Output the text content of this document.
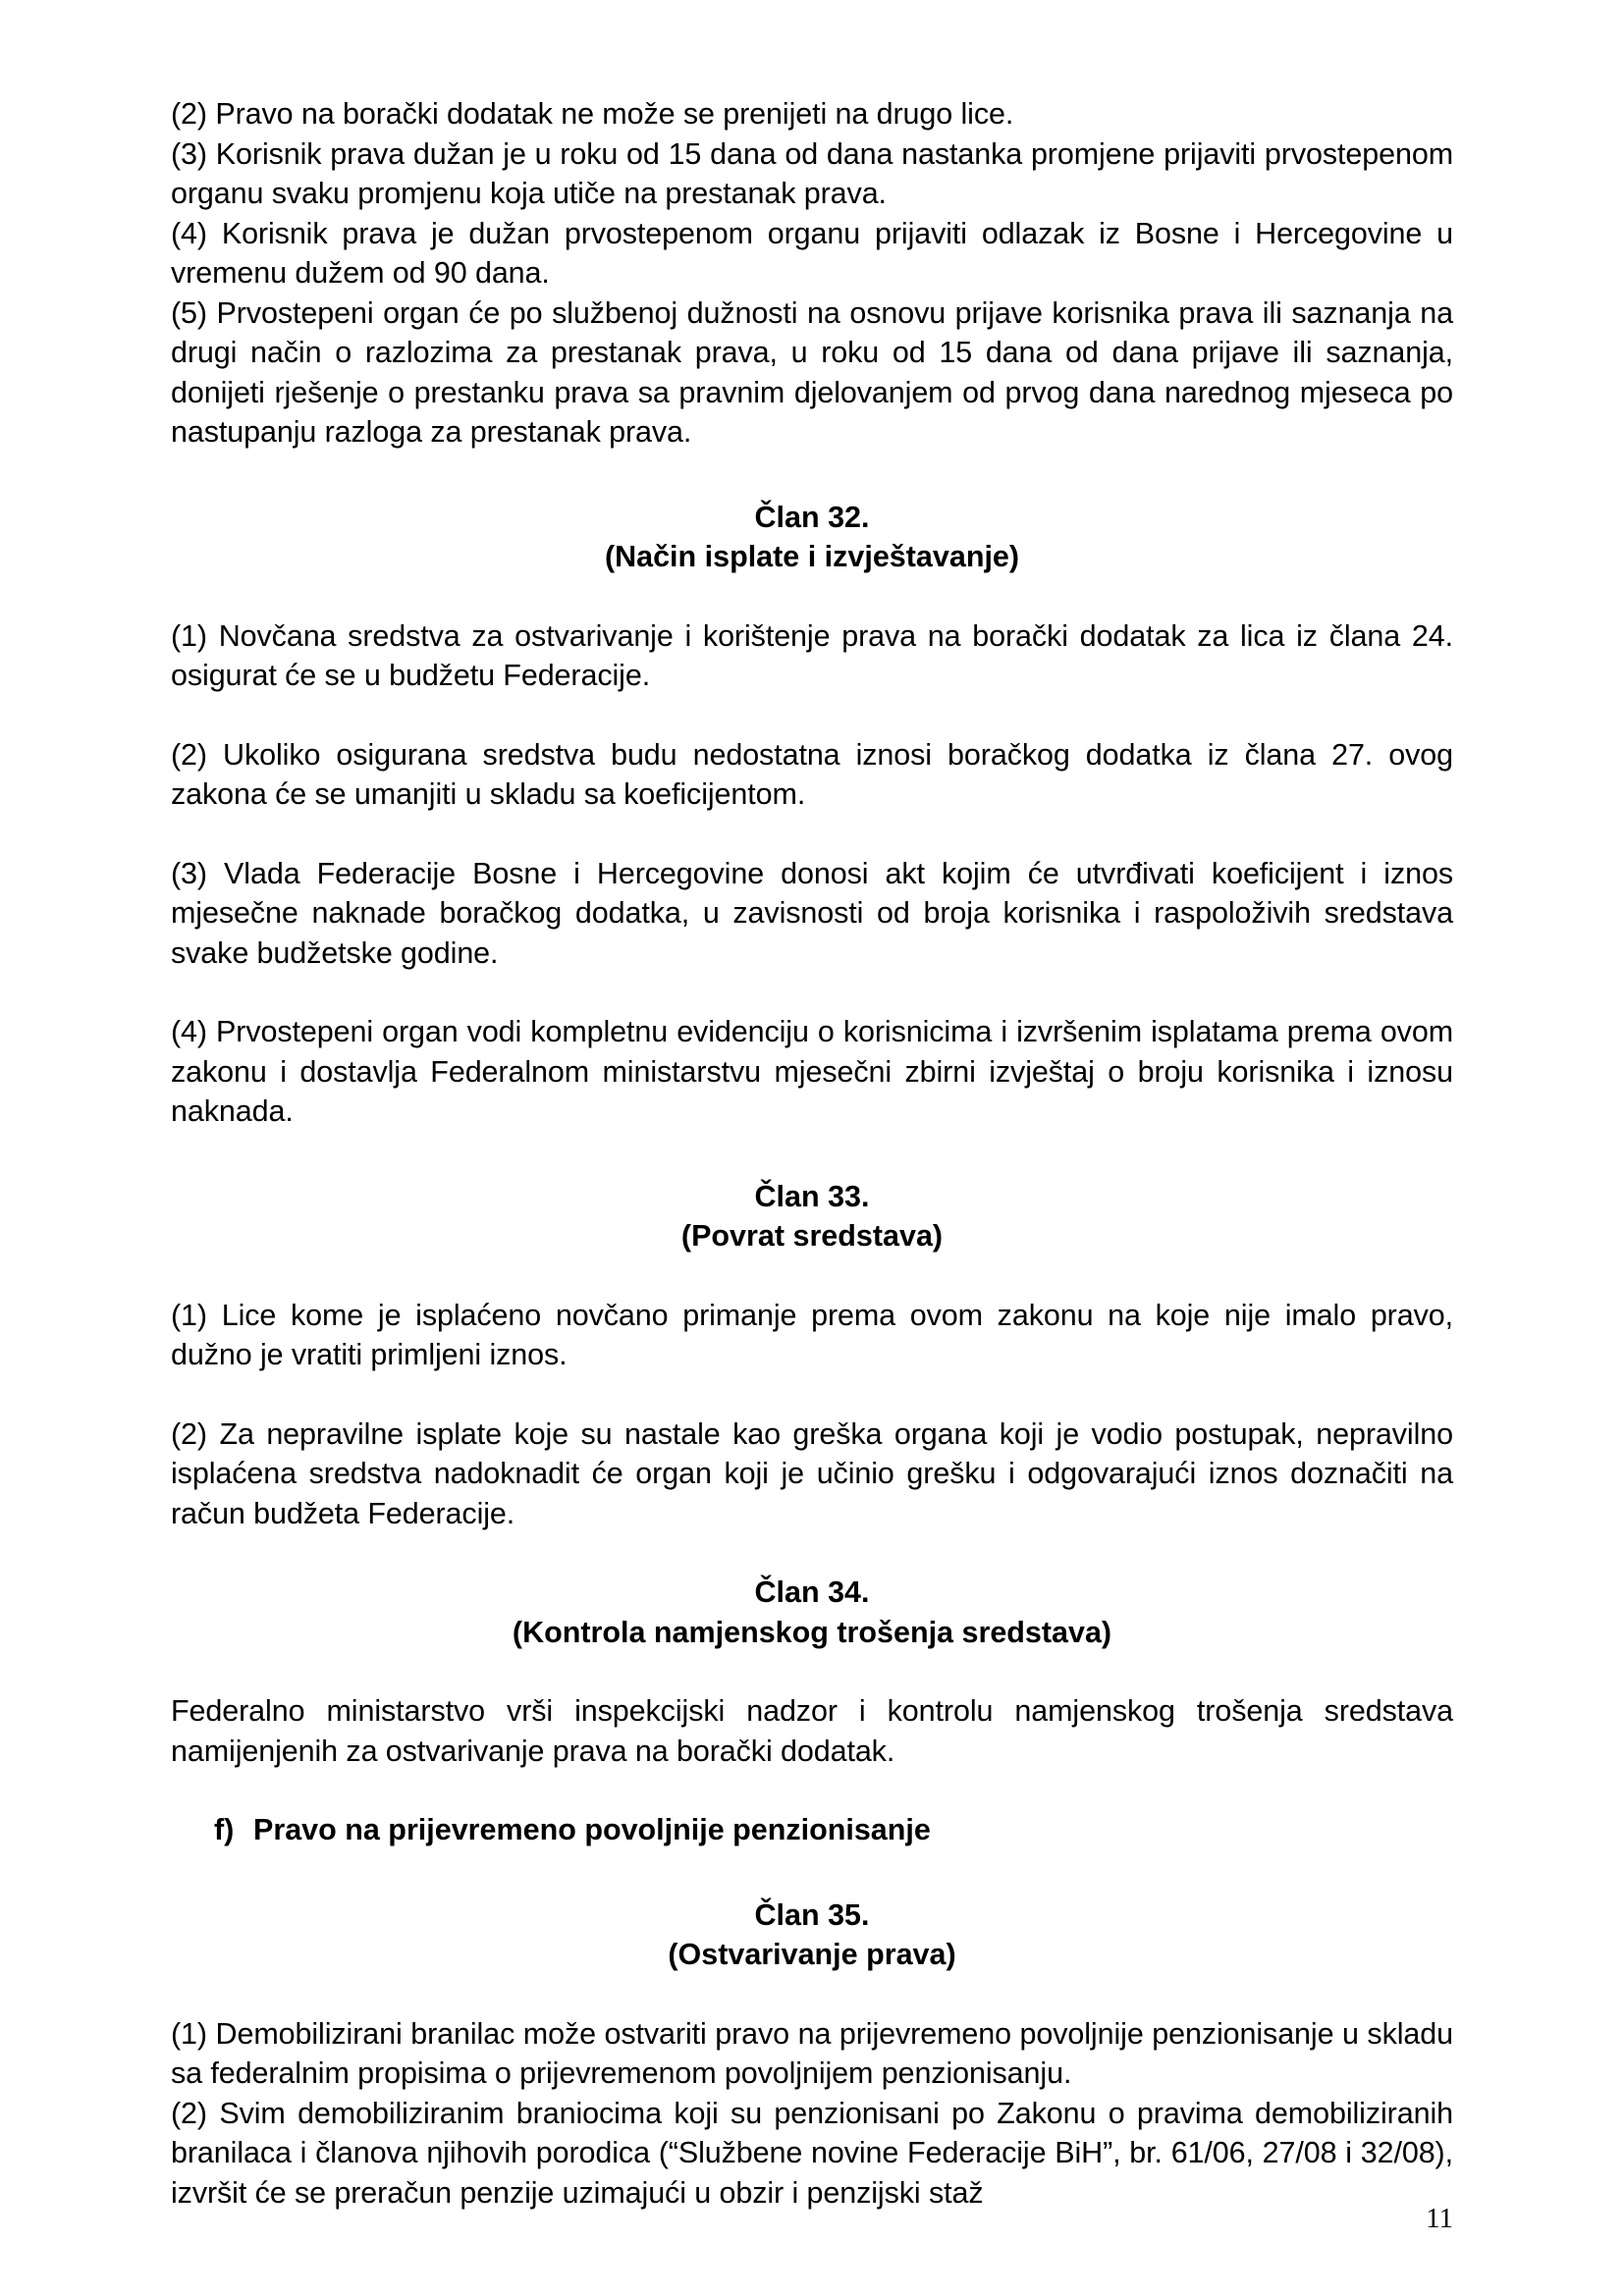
(2) Pravo na borački dodatak ne može se prenijeti na drugo lice.

(3) Korisnik prava dužan je u roku od 15 dana od dana nastanka promjene prijaviti prvostepenom organu svaku promjenu koja utiče na prestanak prava.

(4) Korisnik prava je dužan prvostepenom organu prijaviti odlazak iz Bosne i Hercegovine u vremenu dužem od 90 dana.

(5) Prvostepeni organ će po službenoj dužnosti na osnovu prijave korisnika prava ili saznanja na drugi način o razlozima za prestanak prava, u roku od 15 dana od dana prijave ili saznanja, donijeti rješenje o prestanku prava sa pravnim djelovanjem od prvog dana narednog mjeseca po nastupanju razloga za prestanak prava.

Član 32.
(Način isplate i izvještavanje)

(1) Novčana sredstva za ostvarivanje i korištenje prava na borački dodatak za lica iz člana 24. osigurat će se u budžetu Federacije.

(2) Ukoliko osigurana sredstva budu nedostatna iznosi boračkog dodatka iz člana 27. ovog zakona će se umanjiti u skladu sa koeficijentom.

(3) Vlada Federacije Bosne i Hercegovine donosi akt kojim će utvrđivati koeficijent i iznos mjesečne naknade boračkog dodatka, u zavisnosti od broja korisnika i raspoloživih sredstava svake budžetske godine.

(4) Prvostepeni organ vodi kompletnu evidenciju o korisnicima i izvršenim isplatama prema ovom zakonu i dostavlja Federalnom ministarstvu mjesečni zbirni izvještaj o broju korisnika i iznosu naknada.

Član 33.
(Povrat sredstava)

(1) Lice kome je isplaćeno novčano primanje prema ovom zakonu na koje nije imalo pravo, dužno je vratiti primljeni iznos.

(2) Za nepravilne isplate koje su nastale kao greška organa koji je vodio postupak, nepravilno isplaćena sredstva nadoknadit će organ koji je učinio grešku i odgovarajući iznos doznačiti na račun budžeta Federacije.

Član 34.
(Kontrola namjenskog trošenja sredstava)

Federalno ministarstvo vrši inspekcijski nadzor i kontrolu namjenskog trošenja sredstava namijenjenih za ostvarivanje prava na borački dodatak.

f) Pravo na prijevremeno povoljnije penzionisanje
Član 35.
(Ostvarivanje prava)

(1) Demobilizirani branilac može ostvariti pravo na prijevremeno povoljnije penzionisanje u skladu sa federalnim propisima o prijevremenom povoljnijem penzionisanju.

(2) Svim demobiliziranim braniocima koji su penzionisani po Zakonu o pravima demobiliziranih branilaca i članova njihovih porodica (“Službene novine Federacije BiH”, br. 61/06, 27/08 i 32/08), izvršit će se preračun penzije uzimajući u obzir i penzijski staž

11
